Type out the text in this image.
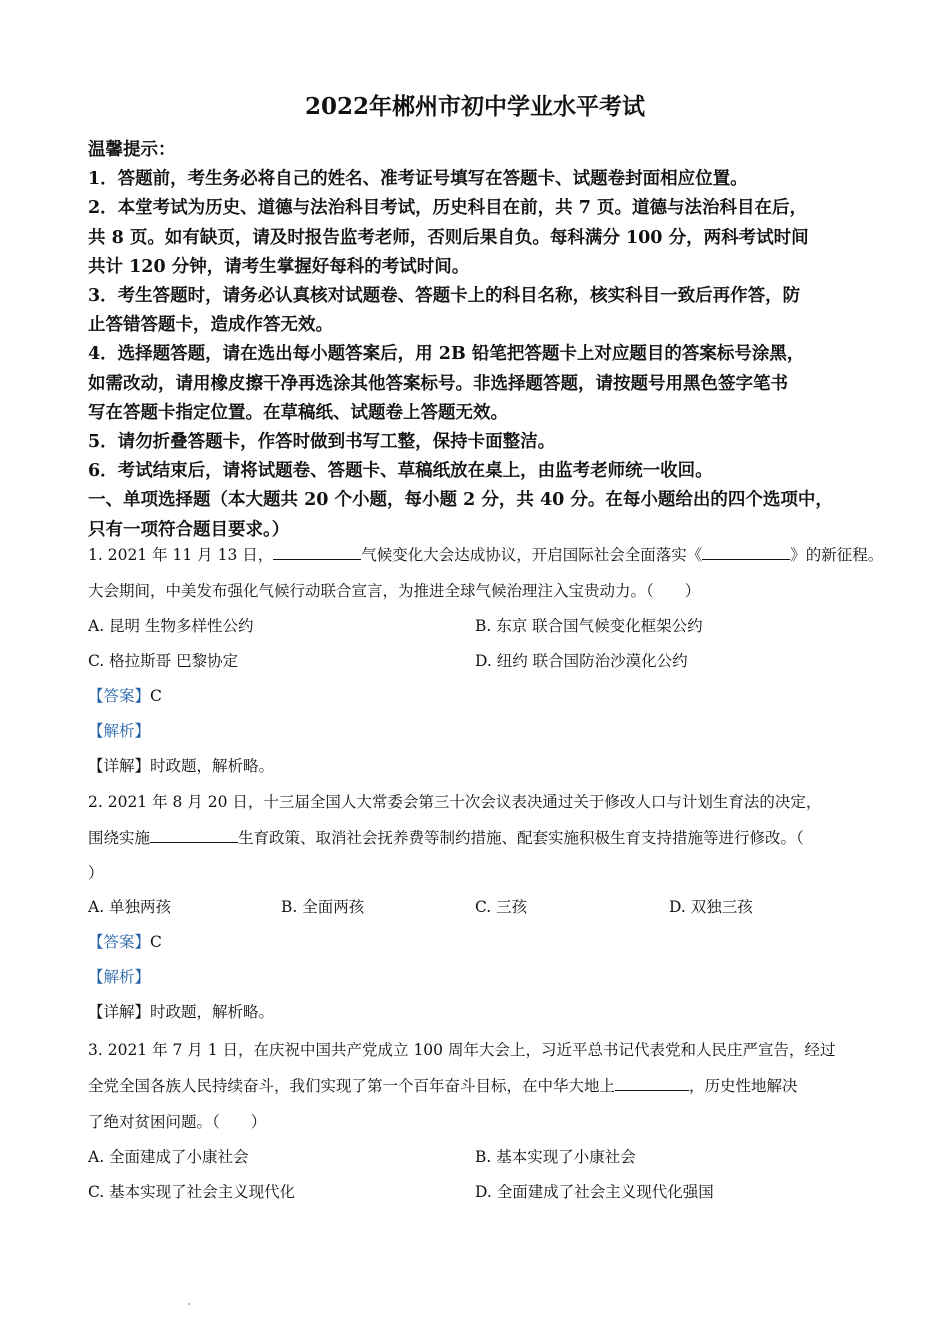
2022年郴州市初中学业水平考试

温馨提示：

1．答题前，考生务必将自己的姓名、准考证号填写在答题卡、试题卷封面相应位置。

2．本堂考试为历史、道德与法治科目考试，历史科目在前，共 7 页。道德与法治科目在后，

共 8 页。如有缺页，请及时报告监考老师，否则后果自负。每科满分 100 分，两科考试时间

共计 120 分钟，请考生掌握好每科的考试时间。

3．考生答题时，请务必认真核对试题卷、答题卡上的科目名称，核实科目一致后再作答，防

止答错答题卡，造成作答无效。

4．选择题答题，请在选出每小题答案后，用 2B 铅笔把答题卡上对应题目的答案标号涂黑，

如需改动，请用橡皮擦干净再选涂其他答案标号。非选择题答题，请按题号用黑色签字笔书

写在答题卡指定位置。在草稿纸、试题卷上答题无效。

5．请勿折叠答题卡，作答时做到书写工整，保持卡面整洁。

6．考试结束后，请将试题卷、答题卡、草稿纸放在桌上，由监考老师统一收回。

一、单项选择题（本大题共 20 个小题，每小题 2 分，共 40 分。在每小题给出的四个选项中，

只有一项符合题目要求。）

1. 2021 年 11 月 13 日，	气候变化大会达成协议，开启国际社会全面落实《	》的新征程。

大会期间，中美发布强化气候行动联合宣言，为推进全球气候治理注入宝贵动力。（　　）

A. 昆明 生物多样性公约	B. 东京 联合国气候变化框架公约
C. 格拉斯哥 巴黎协定	D. 纽约 联合国防治沙漠化公约
【答案】C
【解析】
【详解】时政题，解析略。

2. 2021 年 8 月 20 日，十三届全国人大常委会第三十次会议表决通过关于修改人口与计划生育法的决定，

围绕实施	生育政策、取消社会抚养费等制约措施、配套实施积极生育支持措施等进行修改。（

）

A. 单独两孩	B. 全面两孩	C. 三孩	D. 双独三孩
【答案】C
【解析】
【详解】时政题，解析略。

3. 2021 年 7 月 1 日，在庆祝中国共产党成立 100 周年大会上，习近平总书记代表党和人民庄严宣告，经过

全党全国各族人民持续奋斗，我们实现了第一个百年奋斗目标，在中华大地上	，历史性地解决

了绝对贫困问题。（　　）

A. 全面建成了小康社会	B. 基本实现了小康社会
C. 基本实现了社会主义现代化	D. 全面建成了社会主义现代化强国
